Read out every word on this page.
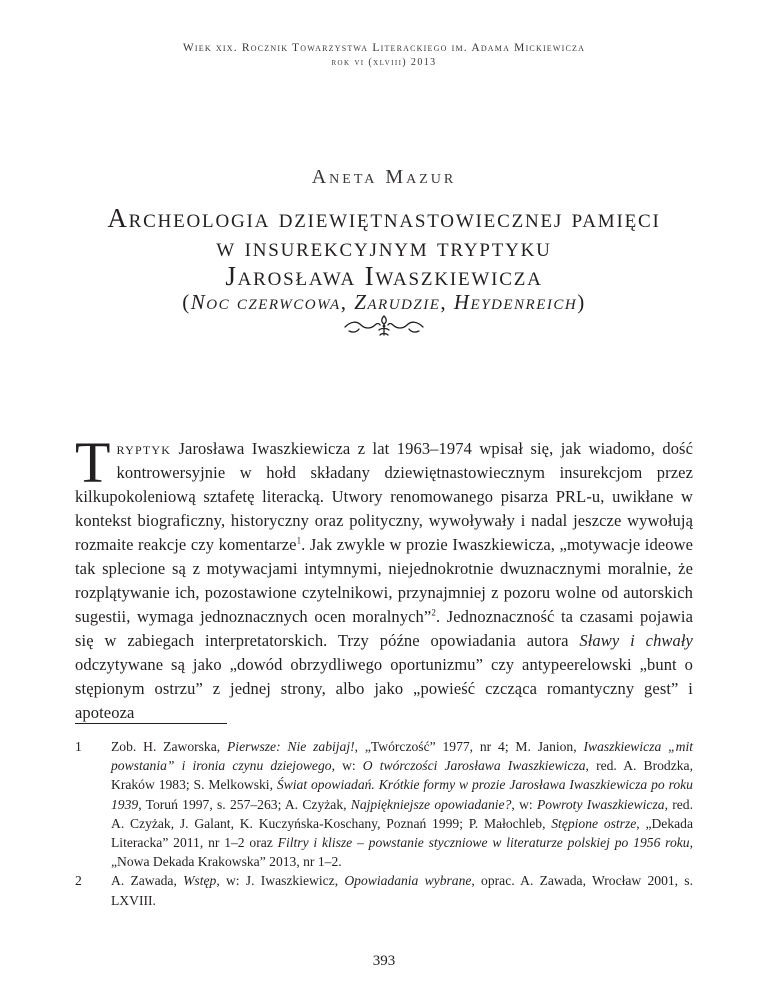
Wiek xix. Rocznik Towarzystwa Literackiego im. Adama Mickiewicza
rok vi (xlviii) 2013
Aneta Mazur
Archeologia dziewiętnastowiecznej pamięci
w insurekcyjnym tryptyku
Jarosława Iwaszkiewicza
(Noc czerwcowa, Zarudzie, Heydenreich)
Tryptyk Jarosława Iwaszkiewicza z lat 1963–1974 wpisał się, jak wiadomo, dość kontrowersyjnie w hołd składany dziewiętnastowiecznym insurekcjom przez kilkupokoleniową sztafetę literacką. Utwory renomowanego pisarza PRL-u, uwikłane w kontekst biograficzny, historyczny oraz polityczny, wywoływały i nadal jeszcze wywołują rozmaite reakcje czy komentarze$^1$. Jak zwykle w prozie Iwaszkiewicza, „motywacje ideowe tak splecione są z motywacjami intymnymi, niejednokrotnie dwuznacznymi moralnie, że rozplątywanie ich, pozostawione czytelnikowi, przynajmniej z pozoru wolne od autorskich sugestii, wymaga jednoznacznych ocen moralnych”$^2$. Jednoznaczność ta czasami pojawia się w zabiegach interpretatorskich. Trzy późne opowiadania autora Sławy i chwały odczytywane są jako „dowód obrzydliwego oportunizmu” czy antypeerelowski „bunt o stępionym ostrzu” z jednej strony, albo jako „powieść czcząca romantyczny gest” i apoteoza
1	Zob. H. Zaworska, Pierwsze: Nie zabijaj!, „Twórczość” 1977, nr 4; M. Janion, Iwaszkiewicza „mit powstania” i ironia czynu dziejowego, w: O twórczości Jarosława Iwaszkiewicza, red. A. Brodzka, Kraków 1983; S. Melkowski, Świat opowiadań. Krótkie formy w prozie Jarosława Iwaszkiewicza po roku 1939, Toruń 1997, s. 257–263; A. Czyżak, Najpiękniejsze opowiadanie?, w: Powroty Iwaszkiewicza, red. A. Czyżak, J. Galant, K. Kuczyńska-Koschany, Poznań 1999; P. Małochleb, Stępione ostrze, „Dekada Literacka” 2011, nr 1–2 oraz Filtry i klisze – powstanie styczniowe w literaturze polskiej po 1956 roku, „Nowa Dekada Krakowska” 2013, nr 1–2.
2	A. Zawada, Wstęp, w: J. Iwaszkiewicz, Opowiadania wybrane, oprac. A. Zawada, Wrocław 2001, s. LXVIII.
393
